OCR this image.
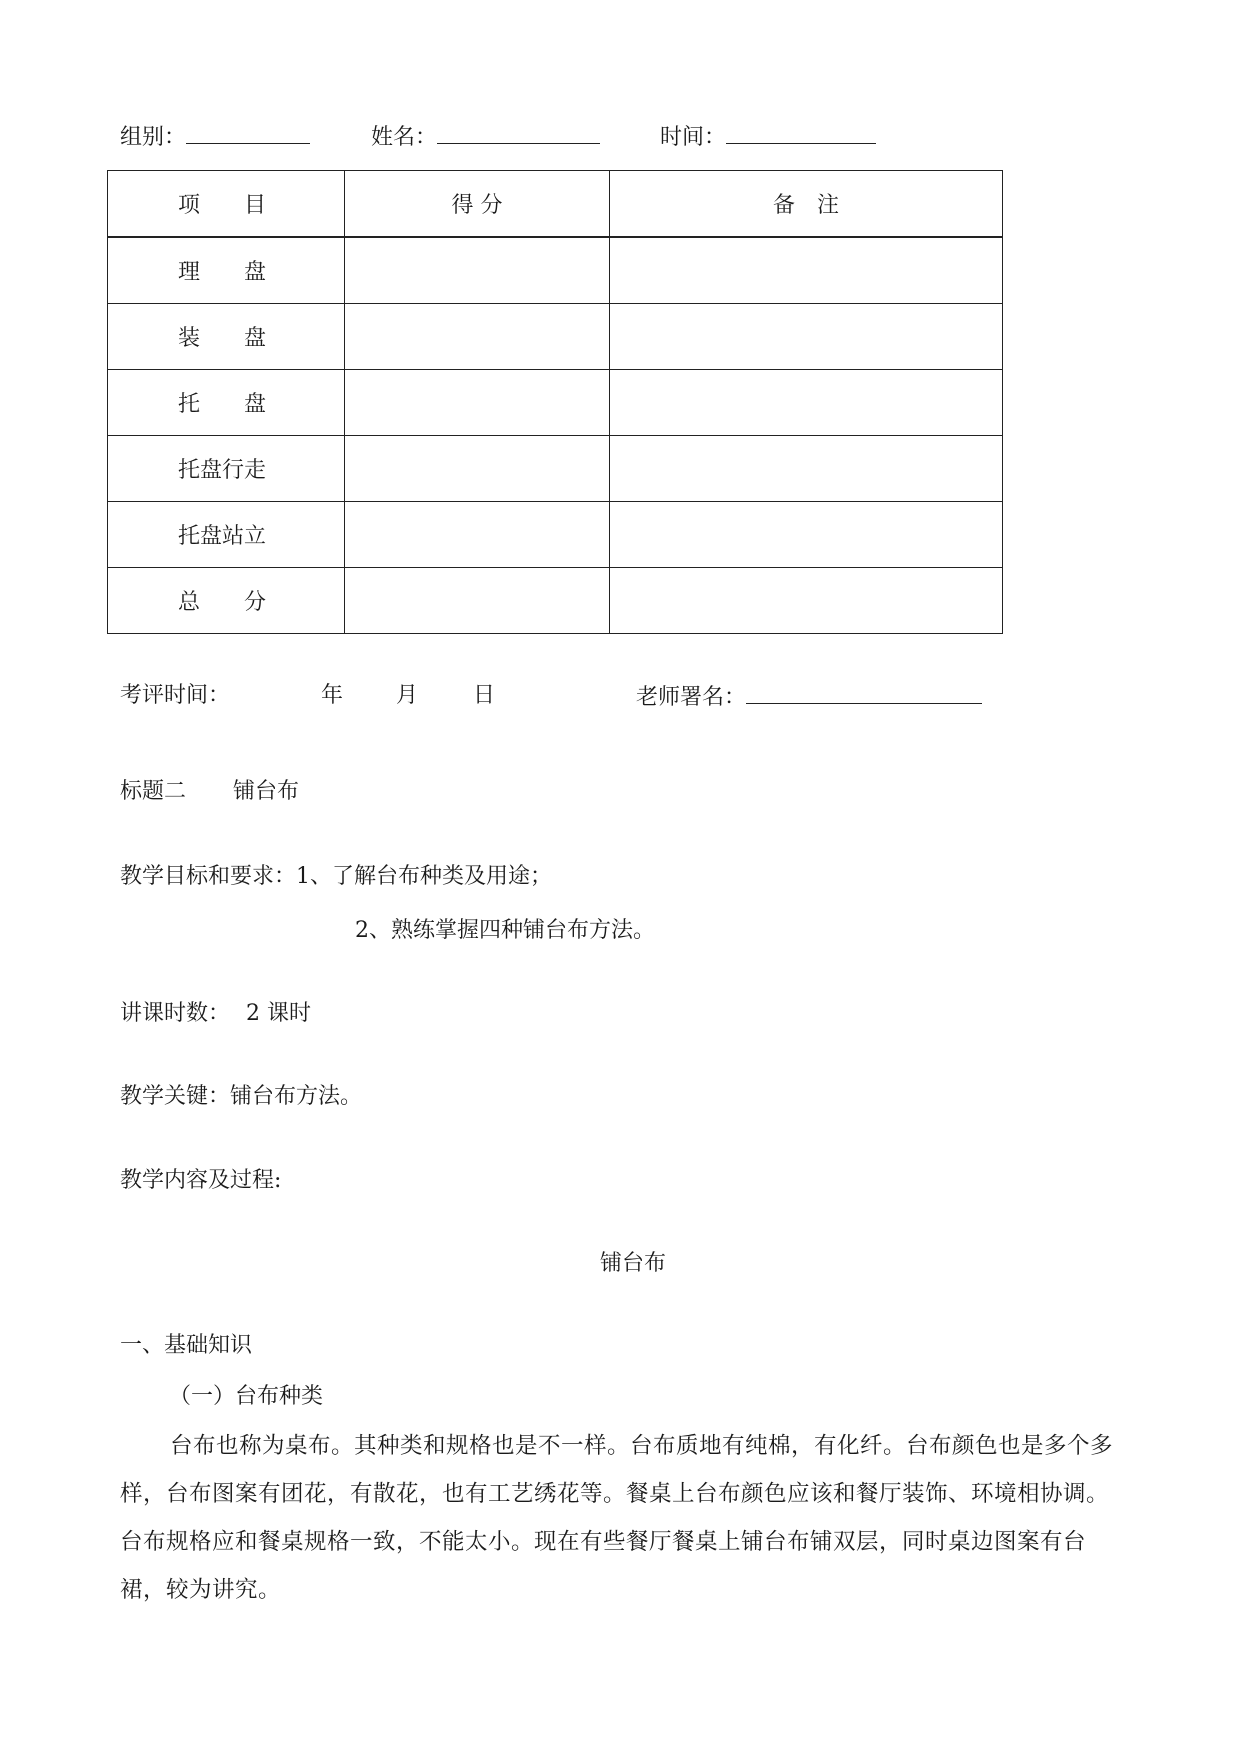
组别：	姓名：	时间：
项　　目	得 分	备　注
理　　盘		
装　　盘		
托　　盘		
托盘行走		
托盘站立		
总　　分		
考评时间：	年 月 日	老师署名：
标题二 铺台布
教学目标和要求：1、了解台布种类及用途；
2、熟练掌握四种铺台布方法。
讲课时数： 2 课时
教学关键：铺台布方法。
教学内容及过程:
铺台布
一、基础知识
（一）台布种类
台布也称为桌布。其种类和规格也是不一样。台布质地有纯棉，有化纤。台布颜色也是多个多样，台布图案有团花，有散花，也有工艺绣花等。餐桌上台布颜色应该和餐厅装饰、环境相协调。台布规格应和餐桌规格一致，不能太小。现在有些餐厅餐桌上铺台布铺双层，同时桌边图案有台裙，较为讲究。
